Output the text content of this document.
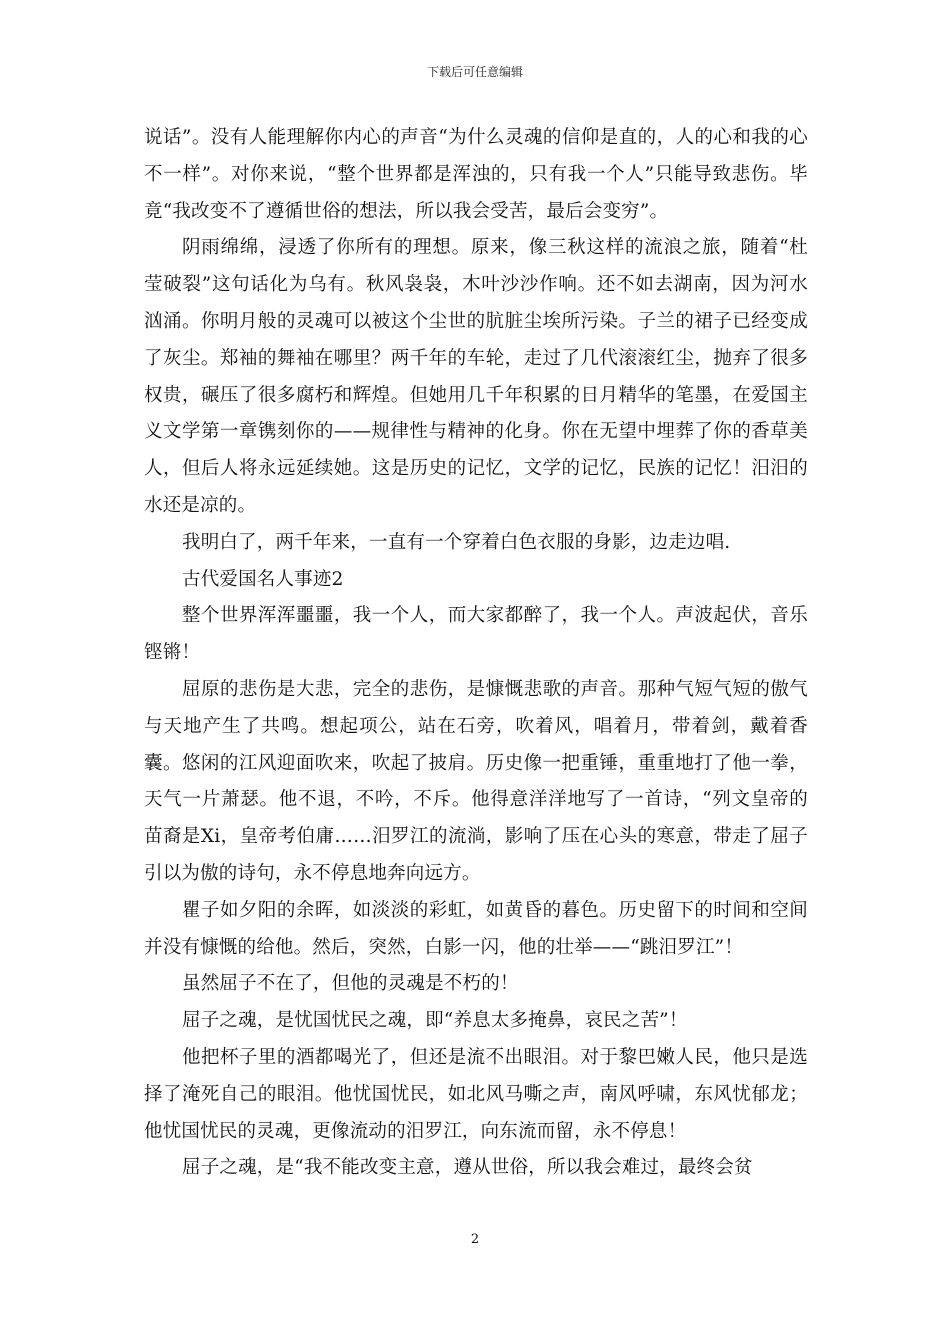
下载后可任意编辑

说话”。没有人能理解你内心的声音“为什么灵魂的信仰是直的，人的心和我的心不一样”。对你来说，“整个世界都是浑浊的，只有我一个人”只能导致悲伤。毕竟“我改变不了遵循世俗的想法，所以我会受苦，最后会变穷”。

阴雨绵绵，浸透了你所有的理想。原来，像三秋这样的流浪之旅，随着“杜莹破裂”这句话化为乌有。秋风袅袅，木叶沙沙作响。还不如去湖南，因为河水汹涌。你明月般的灵魂可以被这个尘世的肮脏尘埃所污染。子兰的裙子已经变成了灰尘。郑袖的舞袖在哪里？两千年的车轮，走过了几代滚滚红尘，抛弃了很多权贵，碾压了很多腐朽和辉煌。但她用几千年积累的日月精华的笔墨，在爱国主义文学第一章镌刻你的——规律性与精神的化身。你在无望中埋葬了你的香草美人，但后人将永远延续她。这是历史的记忆，文学的记忆，民族的记忆！汨汨的水还是凉的。

我明白了，两千年来，一直有一个穿着白色衣服的身影，边走边唱.

古代爱国名人事迹2

整个世界浑浑噩噩，我一个人，而大家都醉了，我一个人。声波起伏，音乐铿锵！

屈原的悲伤是大悲，完全的悲伤，是慷慨悲歌的声音。那种气短气短的傲气与天地产生了共鸣。想起项公，站在石旁，吹着风，唱着月，带着剑，戴着香囊。悠闲的江风迎面吹来，吹起了披肩。历史像一把重锤，重重地打了他一拳，天气一片萧瑟。他不退，不吟，不斥。他得意洋洋地写了一首诗，“列文皇帝的苗裔是Xi，皇帝考伯庸……汨罗江的流淌，影响了压在心头的寒意，带走了屈子引以为傲的诗句，永不停息地奔向远方。

瞿子如夕阳的余晖，如淡淡的彩虹，如黄昏的暮色。历史留下的时间和空间并没有慷慨的给他。然后，突然，白影一闪，他的壮举——“跳汨罗江”！

虽然屈子不在了，但他的灵魂是不朽的！

屈子之魂，是忧国忧民之魂，即“养息太多掩鼻，哀民之苦”！

他把杯子里的酒都喝光了，但还是流不出眼泪。对于黎巴嫩人民，他只是选择了淹死自己的眼泪。他忧国忧民，如北风马嘶之声，南风呼啸，东风忧郁龙；他忧国忧民的灵魂，更像流动的汨罗江，向东流而留，永不停息！

屈子之魂，是“我不能改变主意，遵从世俗，所以我会难过，最终会贫

2
